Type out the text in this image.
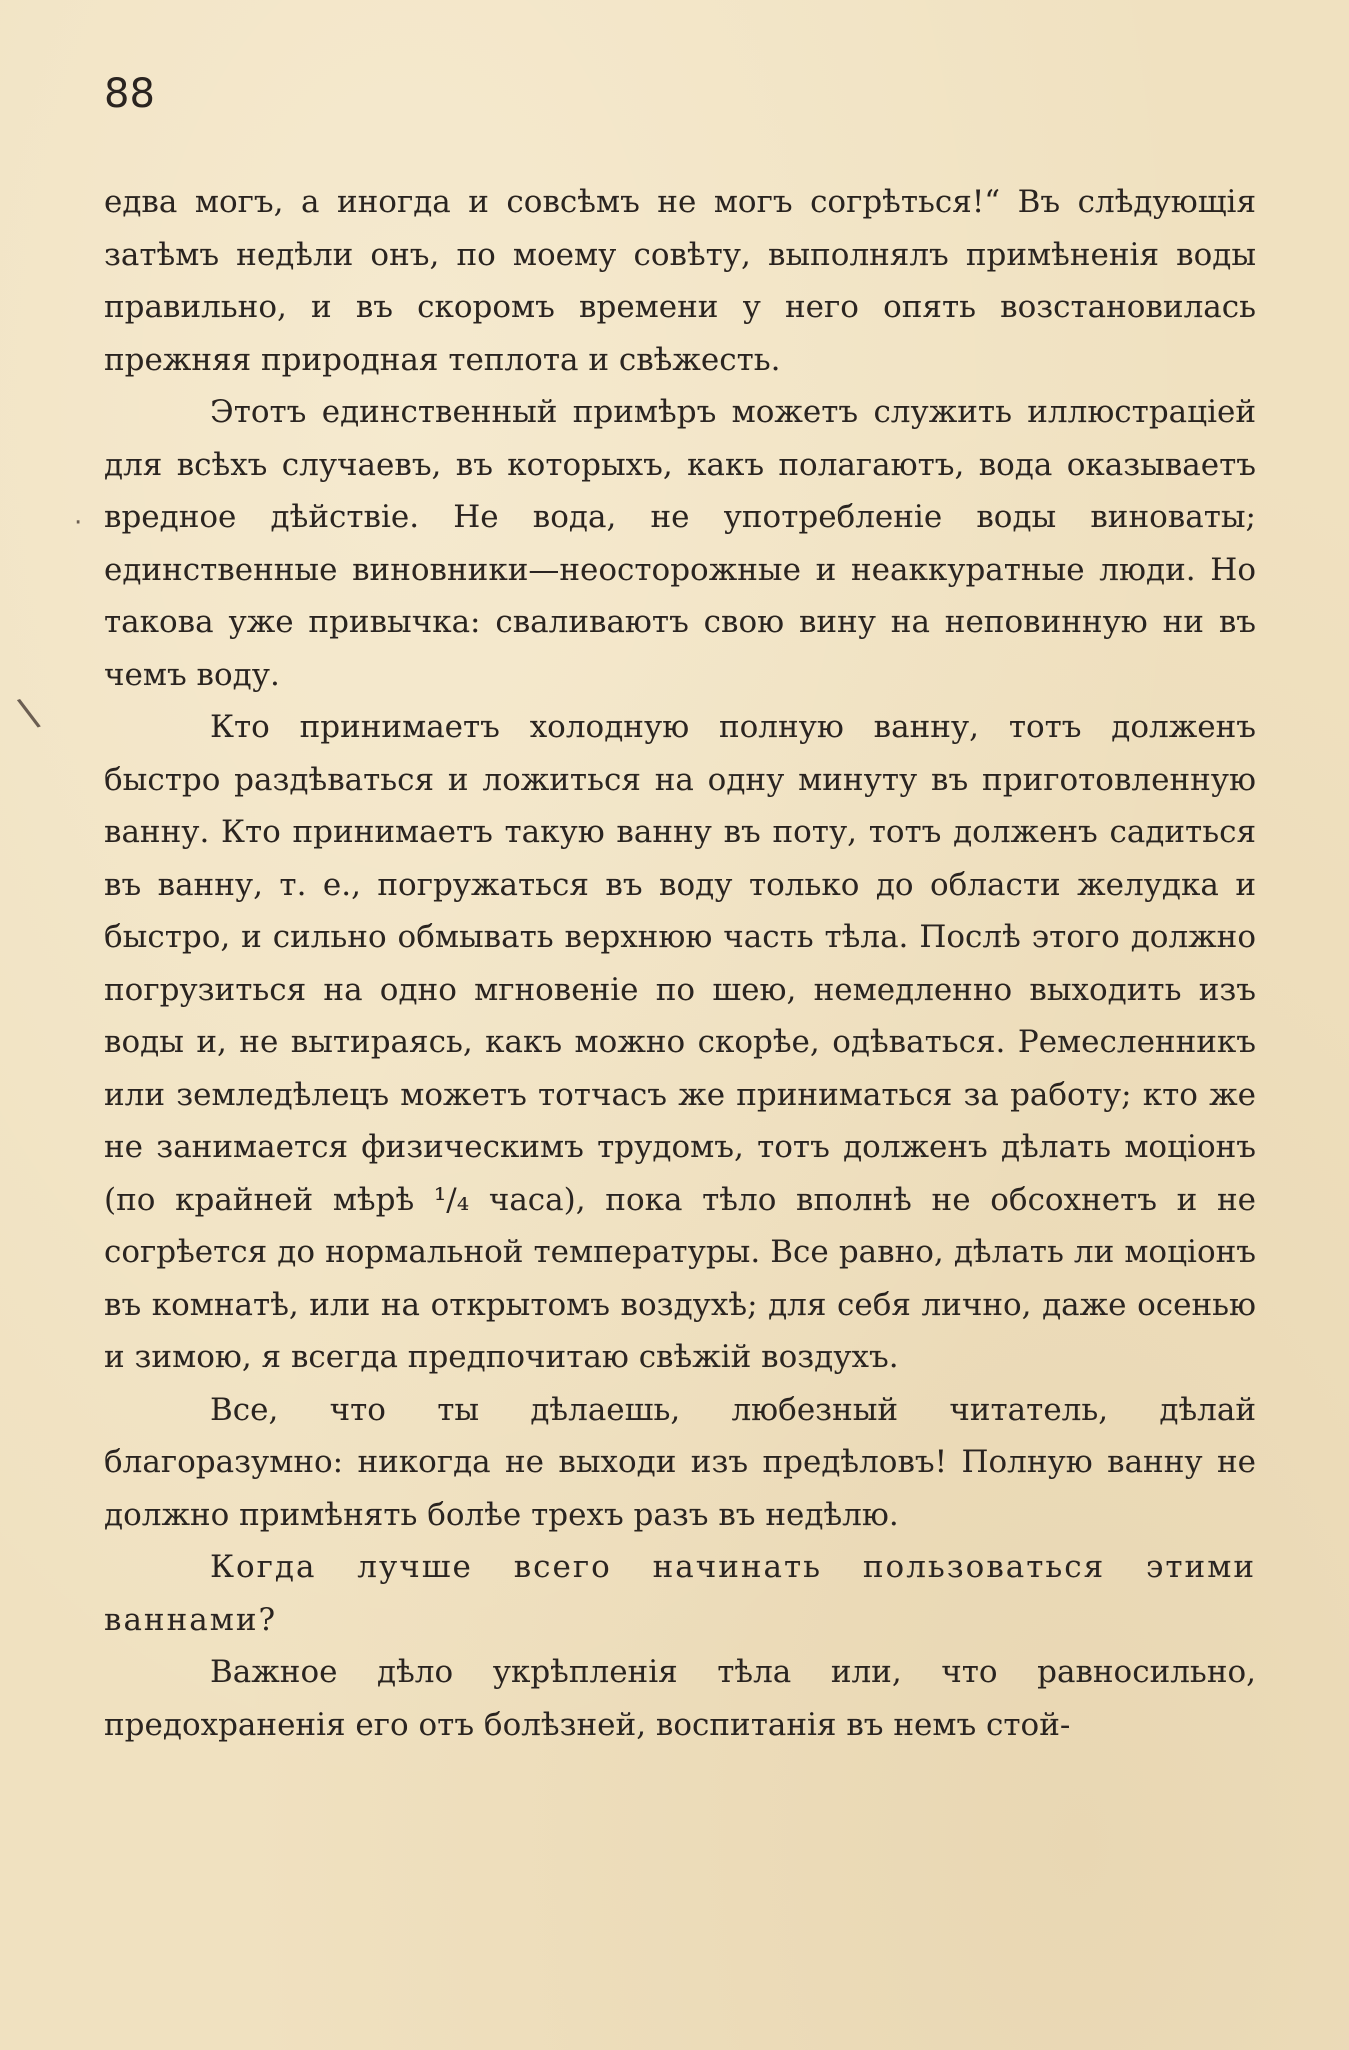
88
·
\

едва могъ, а иногда и совсѣмъ не могъ согрѣться!“ Въ слѣдующія затѣмъ недѣли онъ, по моему совѣту, выполнялъ примѣненія воды правильно, и въ скоромъ времени у него опять возстановилась прежняя природная теплота и свѣжесть.

Этотъ единственный примѣръ можетъ служить иллюстраціей для всѣхъ случаевъ, въ которыхъ, какъ полагаютъ, вода оказываетъ вредное дѣйствіе. Не вода, не употребленіе воды виноваты; единственные виновники—неосторожные и неаккуратные люди. Но такова уже привычка: сваливаютъ свою вину на неповинную ни въ чемъ воду.

Кто принимаетъ холодную полную ванну, тотъ долженъ быстро раздѣваться и ложиться на одну минуту въ приготовленную ванну. Кто принимаетъ такую ванну въ поту, тотъ долженъ садиться въ ванну, т. е., погружаться въ воду только до области желудка и быстро, и сильно обмывать верхнюю часть тѣла. Послѣ этого должно погрузиться на одно мгновеніе по шею, немедленно выходить изъ воды и, не вытираясь, какъ можно скорѣе, одѣваться. Ремесленникъ или земледѣлецъ можетъ тотчасъ же приниматься за работу; кто же не занимается физическимъ трудомъ, тотъ долженъ дѣлать моціонъ (по крайней мѣрѣ ¹/₄ часа), пока тѣло вполнѣ не обсохнетъ и не согрѣется до нормальной температуры. Все равно, дѣлать ли моціонъ въ комнатѣ, или на открытомъ воздухѣ; для себя лично, даже осенью и зимою, я всегда предпочитаю свѣжій воздухъ.

Все, что ты дѣлаешь, любезный читатель, дѣлай благоразумно: никогда не выходи изъ предѣловъ! Полную ванну не должно примѣнять болѣе трехъ разъ въ недѣлю.

Когда лучше всего начинать пользоваться этими ваннами?

Важное дѣло укрѣпленія тѣла или, что равносильно, предохраненія его отъ болѣзней, воспитанія въ немъ стой-
